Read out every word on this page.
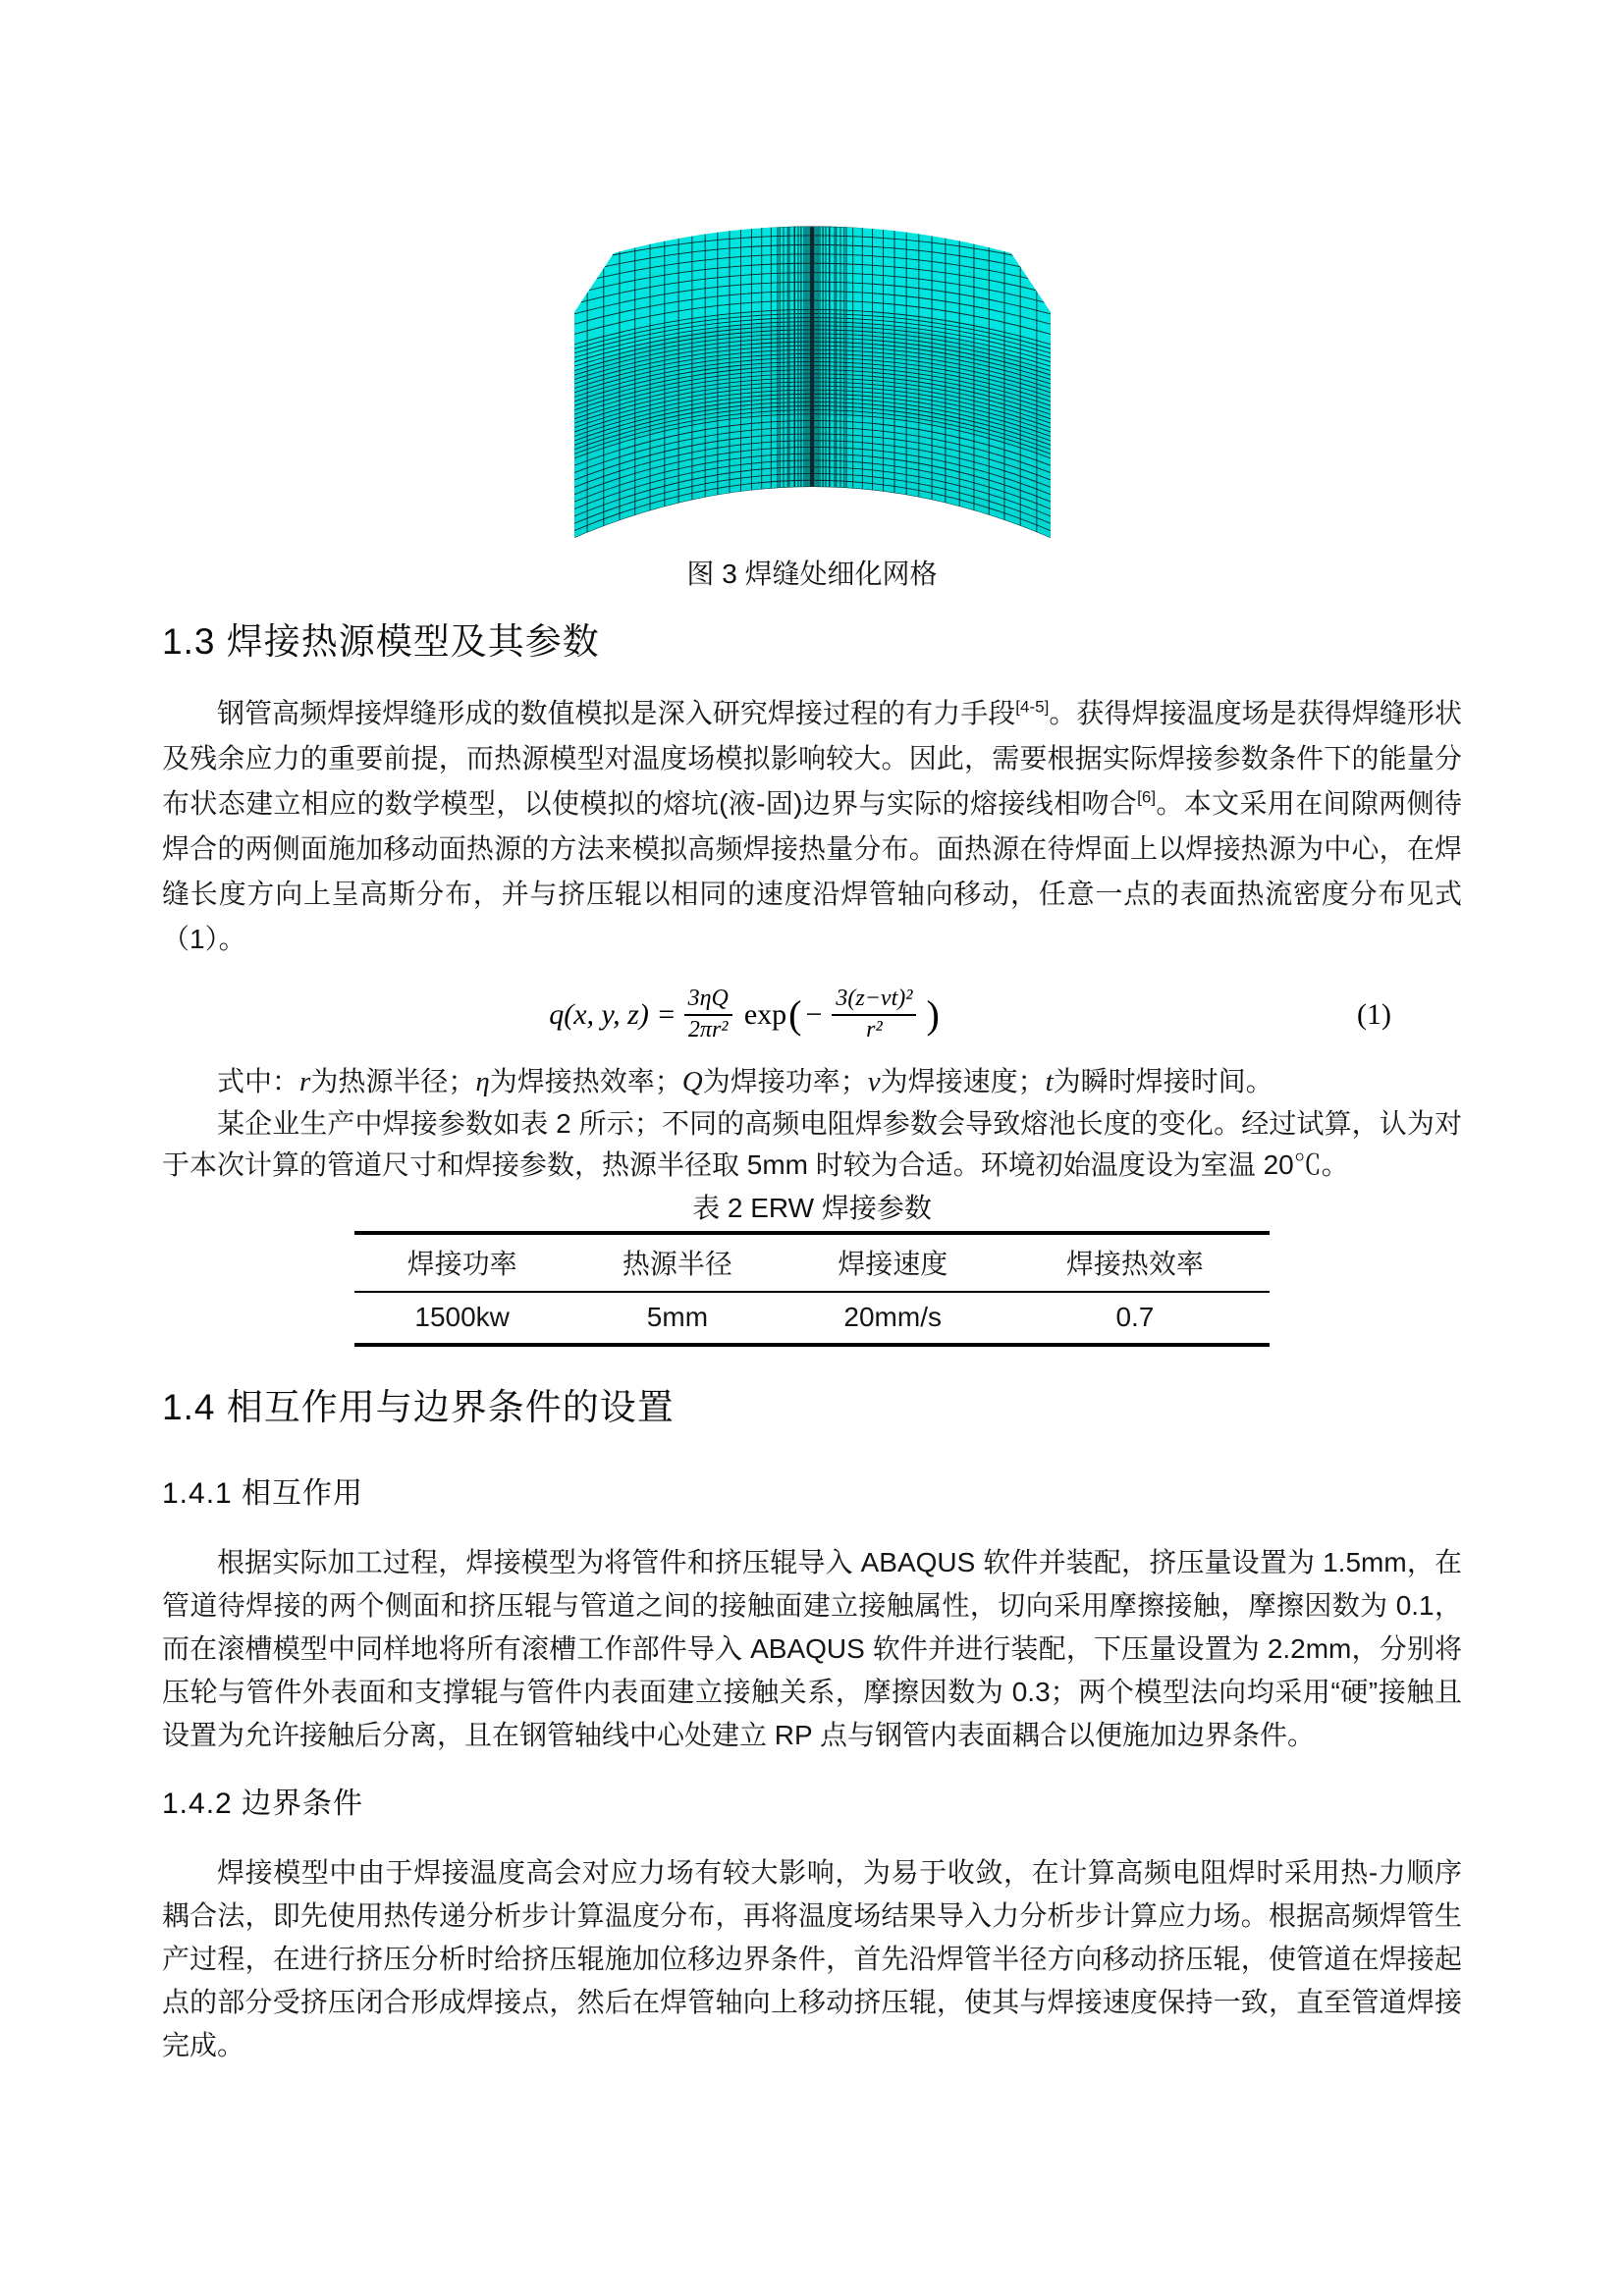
图 3 焊缝处细化网格
1.3 焊接热源模型及其参数

钢管高频焊接焊缝形成的数值模拟是深入研究焊接过程的有力手段[4-5]。获得焊接温度场是获得焊缝形状及残余应力的重要前提，而热源模型对温度场模拟影响较大。因此，需要根据实际焊接参数条件下的能量分布状态建立相应的数学模型，以使模拟的熔坑(液-固)边界与实际的熔接线相吻合[6]。本文采用在间隙两侧待焊合的两侧面施加移动面热源的方法来模拟高频焊接热量分布。面热源在待焊面上以焊接热源为中心，在焊缝长度方向上呈高斯分布，并与挤压辊以相同的速度沿焊管轴向移动，任意一点的表面热流密度分布见式（1）。

q(x, y, $z) = \frac{3\eta Q}{\text{2πr²}}$ exp ( − $\frac{\text{3(z−vt)²}}{\text{r²}}$ )	(1)

式中：r为热源半径；η为焊接热效率；Q为焊接功率；v为焊接速度；t为瞬时焊接时间。

某企业生产中焊接参数如表 2 所示；不同的高频电阻焊参数会导致熔池长度的变化。经过试算，认为对于本次计算的管道尺寸和焊接参数，热源半径取 5mm 时较为合适。环境初始温度设为室温 20℃。

表 2 ERW 焊接参数
焊接功率	热源半径	焊接速度	焊接热效率
1500kw	5mm	20mm/s	0.7
1.4 相互作用与边界条件的设置
1.4.1 相互作用

根据实际加工过程，焊接模型为将管件和挤压辊导入 ABAQUS 软件并装配，挤压量设置为 1.5mm，在管道待焊接的两个侧面和挤压辊与管道之间的接触面建立接触属性，切向采用摩擦接触，摩擦因数为 0.1，而在滚槽模型中同样地将所有滚槽工作部件导入 ABAQUS 软件并进行装配，下压量设置为 2.2mm，分别将压轮与管件外表面和支撑辊与管件内表面建立接触关系，摩擦因数为 0.3；两个模型法向均采用“硬”接触且设置为允许接触后分离，且在钢管轴线中心处建立 RP 点与钢管内表面耦合以便施加边界条件。

1.4.2 边界条件

焊接模型中由于焊接温度高会对应力场有较大影响，为易于收敛，在计算高频电阻焊时采用热-力顺序耦合法，即先使用热传递分析步计算温度分布，再将温度场结果导入力分析步计算应力场。根据高频焊管生产过程，在进行挤压分析时给挤压辊施加位移边界条件，首先沿焊管半径方向移动挤压辊，使管道在焊接起点的部分受挤压闭合形成焊接点，然后在焊管轴向上移动挤压辊，使其与焊接速度保持一致，直至管道焊接完成。
